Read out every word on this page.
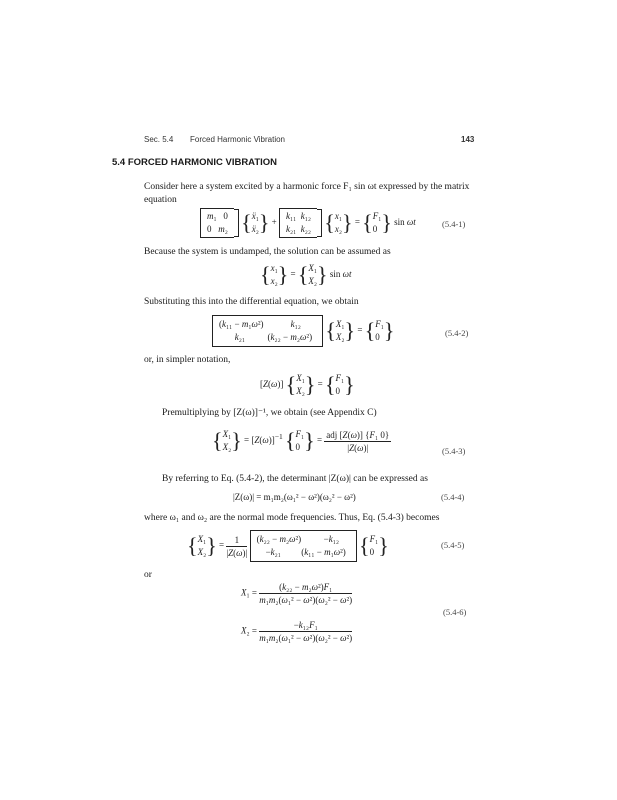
Sec. 5.4 Forced Harmonic Vibration	143
5.4 FORCED HARMONIC VIBRATION
Consider here a system excited by a harmonic force F₁ sin ωt expressed by the matrix equation
m₁   0
0   m₂ { ẍ₁
ẍ₂ } +
k₁₁  k₁₂
k₂₁  k₂₂ { x₁
x₂ } = { F₁
0 } sin ωt	(5.4-1)
Because the system is undamped, the solution can be assumed as
{ x₁
x₂ } = { X₁
X₂ } sin ωt
Substituting this into the differential equation, we obtain
(k₁₁ − m₁ω²)            k₁₂
k₂₁          (k₂₂ − m₂ω²) { X₁
X₂ } = { F₁
0 }	(5.4-2)
or, in simpler notation,
[Z(ω)] { X₁
X₂ } = { F₁
0 }
Premultiplying by [Z(ω)]⁻¹, we obtain (see Appendix C)
{ X₁
X₂ } = $[Z(\omega)]^{-1}$ { F₁
0 } = $\frac{\text{adj [Z(ω)] \{F₁ 0\}}}{|Z(\omega)|}$	(5.4-3)
By referring to Eq. (5.4-2), the determinant |Z(ω)| can be expressed as
|Z(ω)| = m₁m₂(ω₁² − ω²)(ω₂² − ω²)	(5.4-4)
where ω₁ and ω₂ are the normal mode frequencies. Thus, Eq. (5.4-3) becomes
{ X₁
X₂ } = $\frac{1}{|Z(\omega)|}$
(k₂₂ − m₂ω²)          −k₁₂
−k₂₁         (k₁₁ − m₁ω²) { F₁
0 }	(5.4-5)
or
$X_1 = \frac{\text{(k₂₂ − m₂ω²)F₁}}{\text{m₁m₂(ω₁² − ω²)(ω₂² − ω²)}}$
$X_2 = \frac{\text{−k₁₂F₁}}{\text{m₁m₂(ω₁² − ω²)(ω₂² − ω²)}}$
(5.4-6)
